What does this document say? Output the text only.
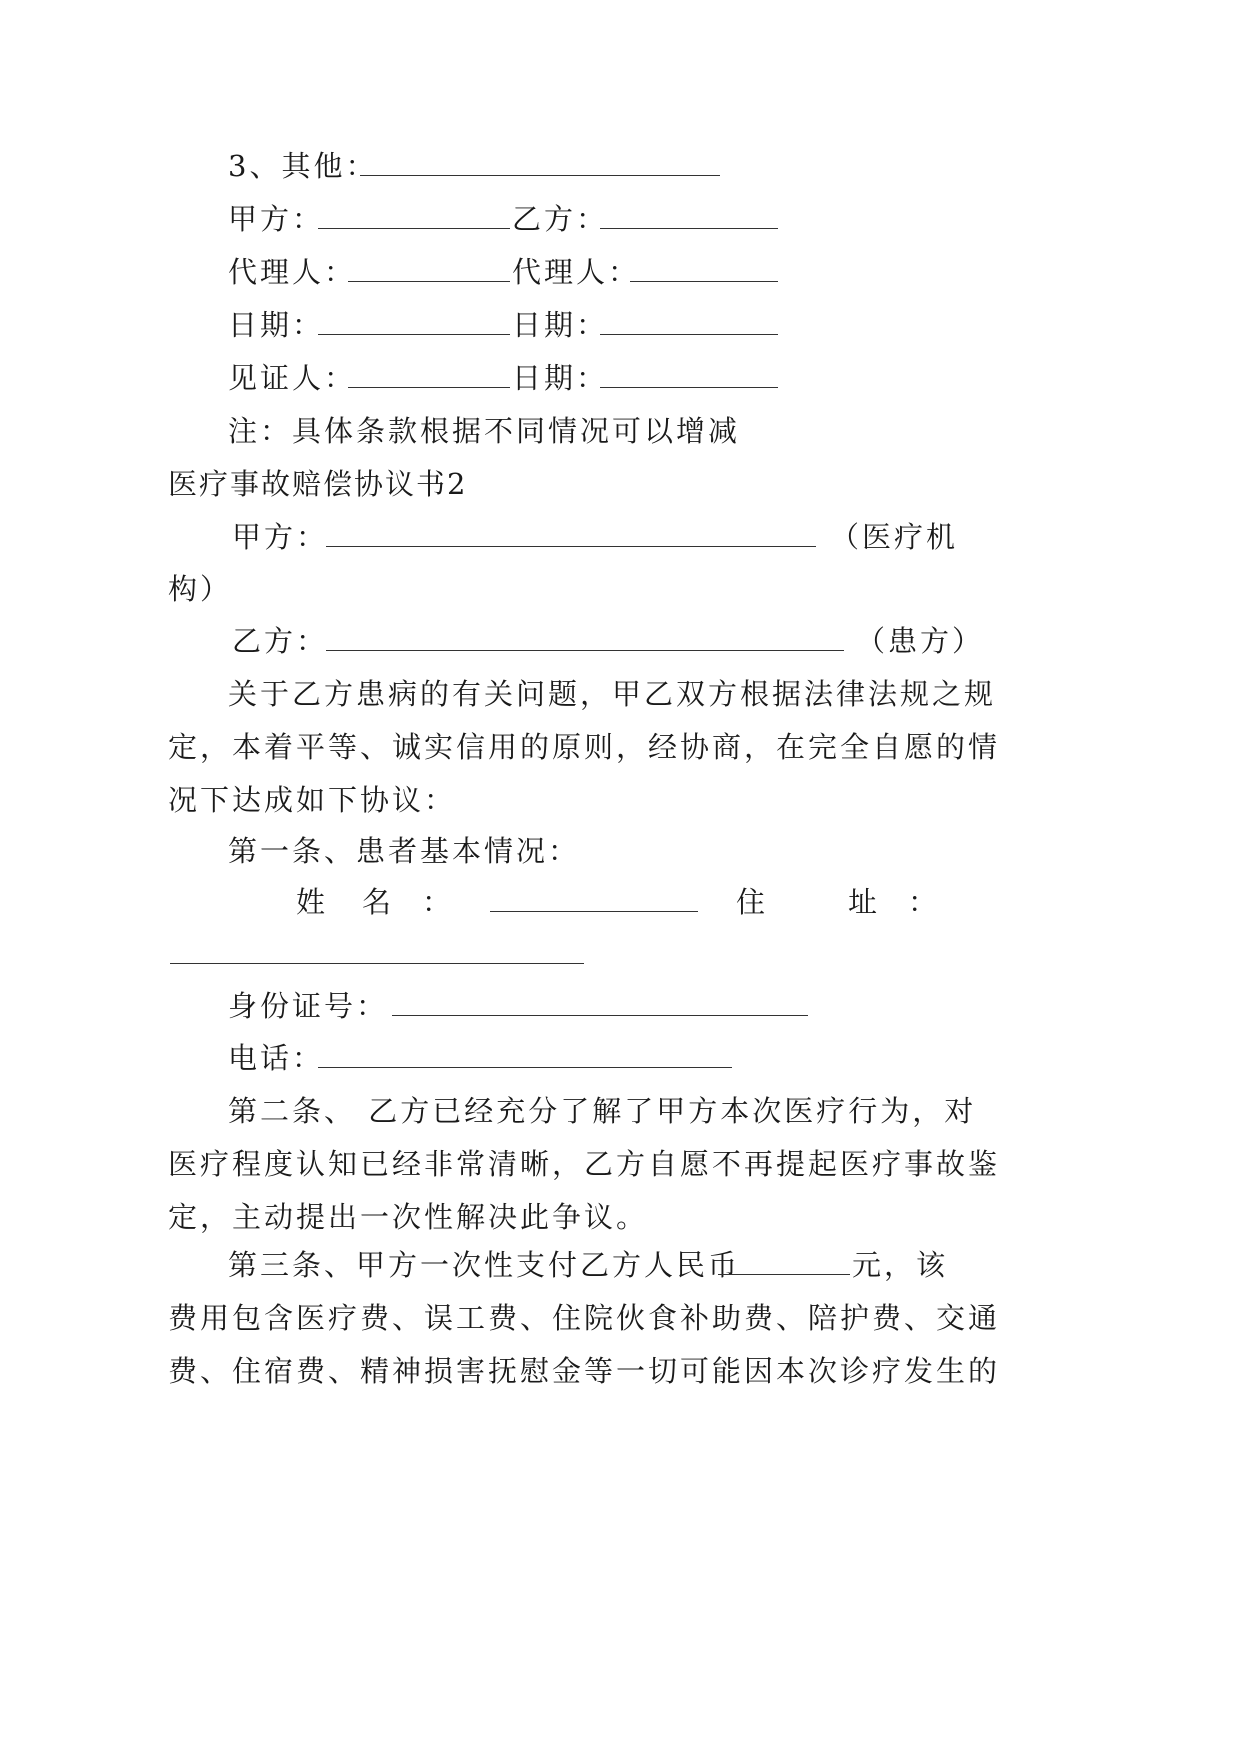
3、其他：
甲方：	乙方：
代理人：	代理人：
日期：	日期：
见证人：	日期：
注：具体条款根据不同情况可以增减
医疗事故赔偿协议书2
甲方：	（医疗机
构）
乙方：	（患方）
关于乙方患病的有关问题，甲乙双方根据法律法规之规
定，本着平等、诚实信用的原则，经协商，在完全自愿的情
况下达成如下协议：
第一条、患者基本情况：
姓 名 ：	住	址 ：
身份证号：
电话：
第二条、 乙方已经充分了解了甲方本次医疗行为，对
医疗程度认知已经非常清晰，乙方自愿不再提起医疗事故鉴
定，主动提出一次性解决此争议。
第三条、甲方一次性支付乙方人民币	元，该
费用包含医疗费、误工费、住院伙食补助费、陪护费、交通
费、住宿费、精神损害抚慰金等一切可能因本次诊疗发生的
